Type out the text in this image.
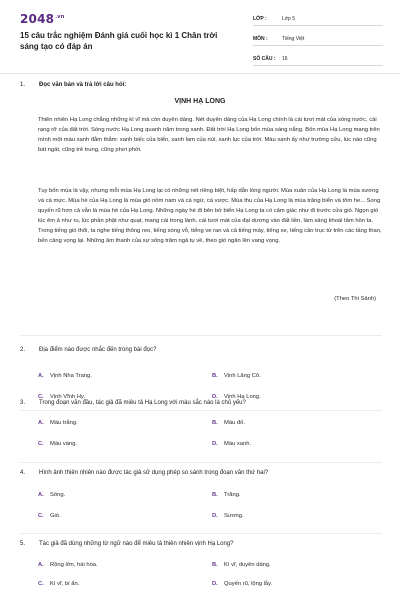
$2048^{.vn}$
15 câu trắc nghiệm Đánh giá cuối học kì 1 Chân trời sáng tạo có đáp án
LỚP :	Lớp 5
MÔN :	Tiếng Việt
SỐ CÂU :	16
1. Đọc văn bản và trả lời câu hỏi:
VỊNH HẠ LONG

Thiên nhiên Hạ Long chẳng những kì vĩ mà còn duyên dáng. Nét duyên dáng của Hạ Long chính là cái tươi mát của sóng nước, cái rạng rỡ của đất trời. Sóng nước Hạ Long quanh năm trong xanh. Đất trời Hạ Long bốn mùa sáng nắng. Bốn mùa Hạ Long mang trên mình một màu xanh đằm thắm: xanh biếc của biển, xanh lam của núi, xanh lục của trời. Màu xanh ấy như trường cửu, lúc nào cũng bát ngát, cũng trẻ trung, cũng phơi phới.

Tuy bốn mùa là vậy, nhưng mỗi mùa Hạ Long lại có những nét riêng biệt, hấp dẫn lòng người. Mùa xuân của Hạ Long là mùa sương và cá mực. Mùa hè của Hạ Long là mùa gió nồm nam và cá ngừ, cá vược. Mùa thu của Hạ Long là mùa trăng biển và tôm he... Song quyến rũ hơn cả vẫn là mùa hè của Hạ Long. Những ngày hè đi bên bờ biển Hạ Long ta có cảm giác như đi trước cửa gió. Ngọn gió lúc êm ả như ru, lúc phần phật như quạt, mang cái trong lành, cái tươi mát của đại dương vào đất liền, làm sảng khoái tâm hồn ta. Trong tiếng gió thổi, ta nghe tiếng thông reo, tiếng sóng vỗ, tiếng ve ran và cả tiếng máy, tiếng xe, tiếng cần trục từ trên các tầng than, bến cảng vọng lại. Những âm thanh của sự sống trăm ngả tụ về, theo gió ngân lên vang vọng.

(Theo Thi Sảnh)
2. Địa điểm nào được nhắc đến trong bài đọc?
A. Vịnh Nha Trang.	B. Vịnh Lăng Cô.
C. Vịnh Vĩnh Hy.	D. Vịnh Hạ Long.
3. Trong đoạn văn đầu, tác giả đã miêu tả Hạ Long với màu sắc nào là chủ yếu?
A. Màu trắng.	B. Màu đỏ.
C. Màu vàng.	D. Màu xanh.
4. Hình ảnh thiên nhiên nào được tác giả sử dụng phép so sánh trong đoạn văn thứ hai?
A. Sóng.	B. Trăng.
C. Gió.	D. Sương.
5. Tác giả đã dùng những từ ngữ nào để miêu tả thiên nhiên vịnh Hạ Long?
A. Rộng lớn, hài hòa.	B. Kì vĩ, duyên dáng.
C. Kì vĩ, bí ẩn.	D. Quyến rũ, lộng lẫy.
